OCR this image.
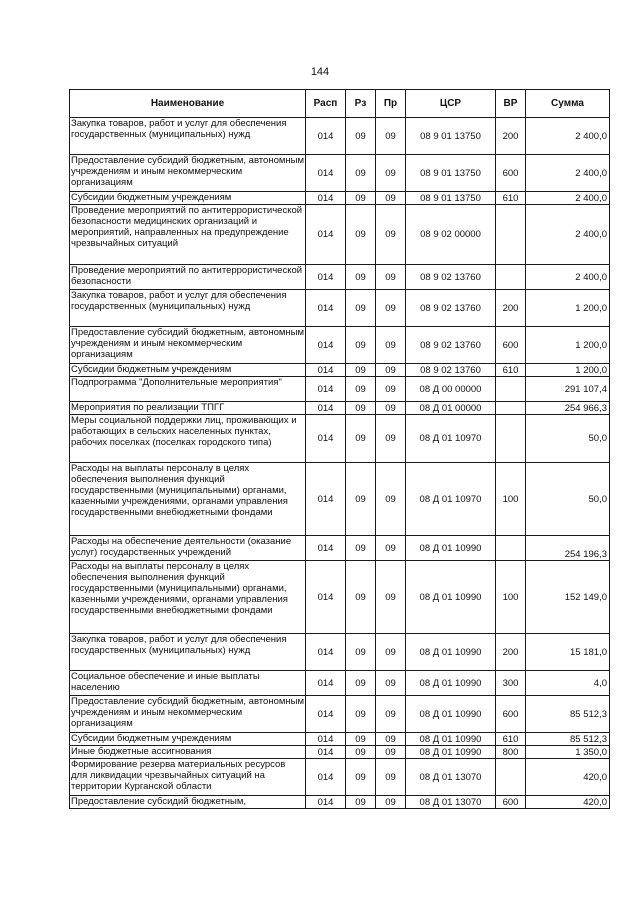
144
Наименование	Расп	Рз	Пр	ЦСР	ВР	Сумма
Закупка товаров, работ и услуг для обеспечения государственных (муниципальных) нужд	014	09	09	08 9 01 13750	200	2 400,0
Предоставление субсидий бюджетным, автономным учреждениям и иным некоммерческим организациям	014	09	09	08 9 01 13750	600	2 400,0
Субсидии бюджетным учреждениям	014	09	09	08 9 01 13750	610	2 400,0
Проведение мероприятий по антитеррористической безопасности медицинских организаций и мероприятий, направленных на предупреждение чрезвычайных ситуаций	014	09	09	08 9 02 00000		2 400,0
Проведение мероприятий по антитеррористической безопасности	014	09	09	08 9 02 13760		2 400,0
Закупка товаров, работ и услуг для обеспечения государственных (муниципальных) нужд	014	09	09	08 9 02 13760	200	1 200,0
Предоставление субсидий бюджетным, автономным учреждениям и иным некоммерческим организациям	014	09	09	08 9 02 13760	600	1 200,0
Субсидии бюджетным учреждениям	014	09	09	08 9 02 13760	610	1 200,0
Подпрограмма "Дополнительные мероприятия"	014	09	09	08 Д 00 00000		291 107,4
Мероприятия по реализации ТПГГ	014	09	09	08 Д 01 00000		254 966,3
Меры социальной поддержки лиц, проживающих и работающих в сельских населенных пунктах, рабочих поселках (поселках городского типа)	014	09	09	08 Д 01 10970		50,0
Расходы на выплаты персоналу в целях обеспечения выполнения функций государственными (муниципальными) органами, казенными учреждениями, органами управления государственными внебюджетными фондами	014	09	09	08 Д 01 10970	100	50,0
Расходы на обеспечение деятельности (оказание услуг) государственных учреждений	014	09	09	08 Д 01 10990		254 196,3
Расходы на выплаты персоналу в целях обеспечения выполнения функций государственными (муниципальными) органами, казенными учреждениями, органами управления государственными внебюджетными фондами	014	09	09	08 Д 01 10990	100	152 149,0
Закупка товаров, работ и услуг для обеспечения государственных (муниципальных) нужд	014	09	09	08 Д 01 10990	200	15 181,0
Социальное обеспечение и иные выплаты населению	014	09	09	08 Д 01 10990	300	4,0
Предоставление субсидий бюджетным, автономным учреждениям и иным некоммерческим организациям	014	09	09	08 Д 01 10990	600	85 512,3
Субсидии бюджетным учреждениям	014	09	09	08 Д 01 10990	610	85 512,3
Иные бюджетные ассигнования	014	09	09	08 Д 01 10990	800	1 350,0
Формирование резерва материальных ресурсов для ликвидации чрезвычайных ситуаций на территории Курганской области	014	09	09	08 Д 01 13070		420,0
Предоставление субсидий бюджетным,	014	09	09	08 Д 01 13070	600	420,0
